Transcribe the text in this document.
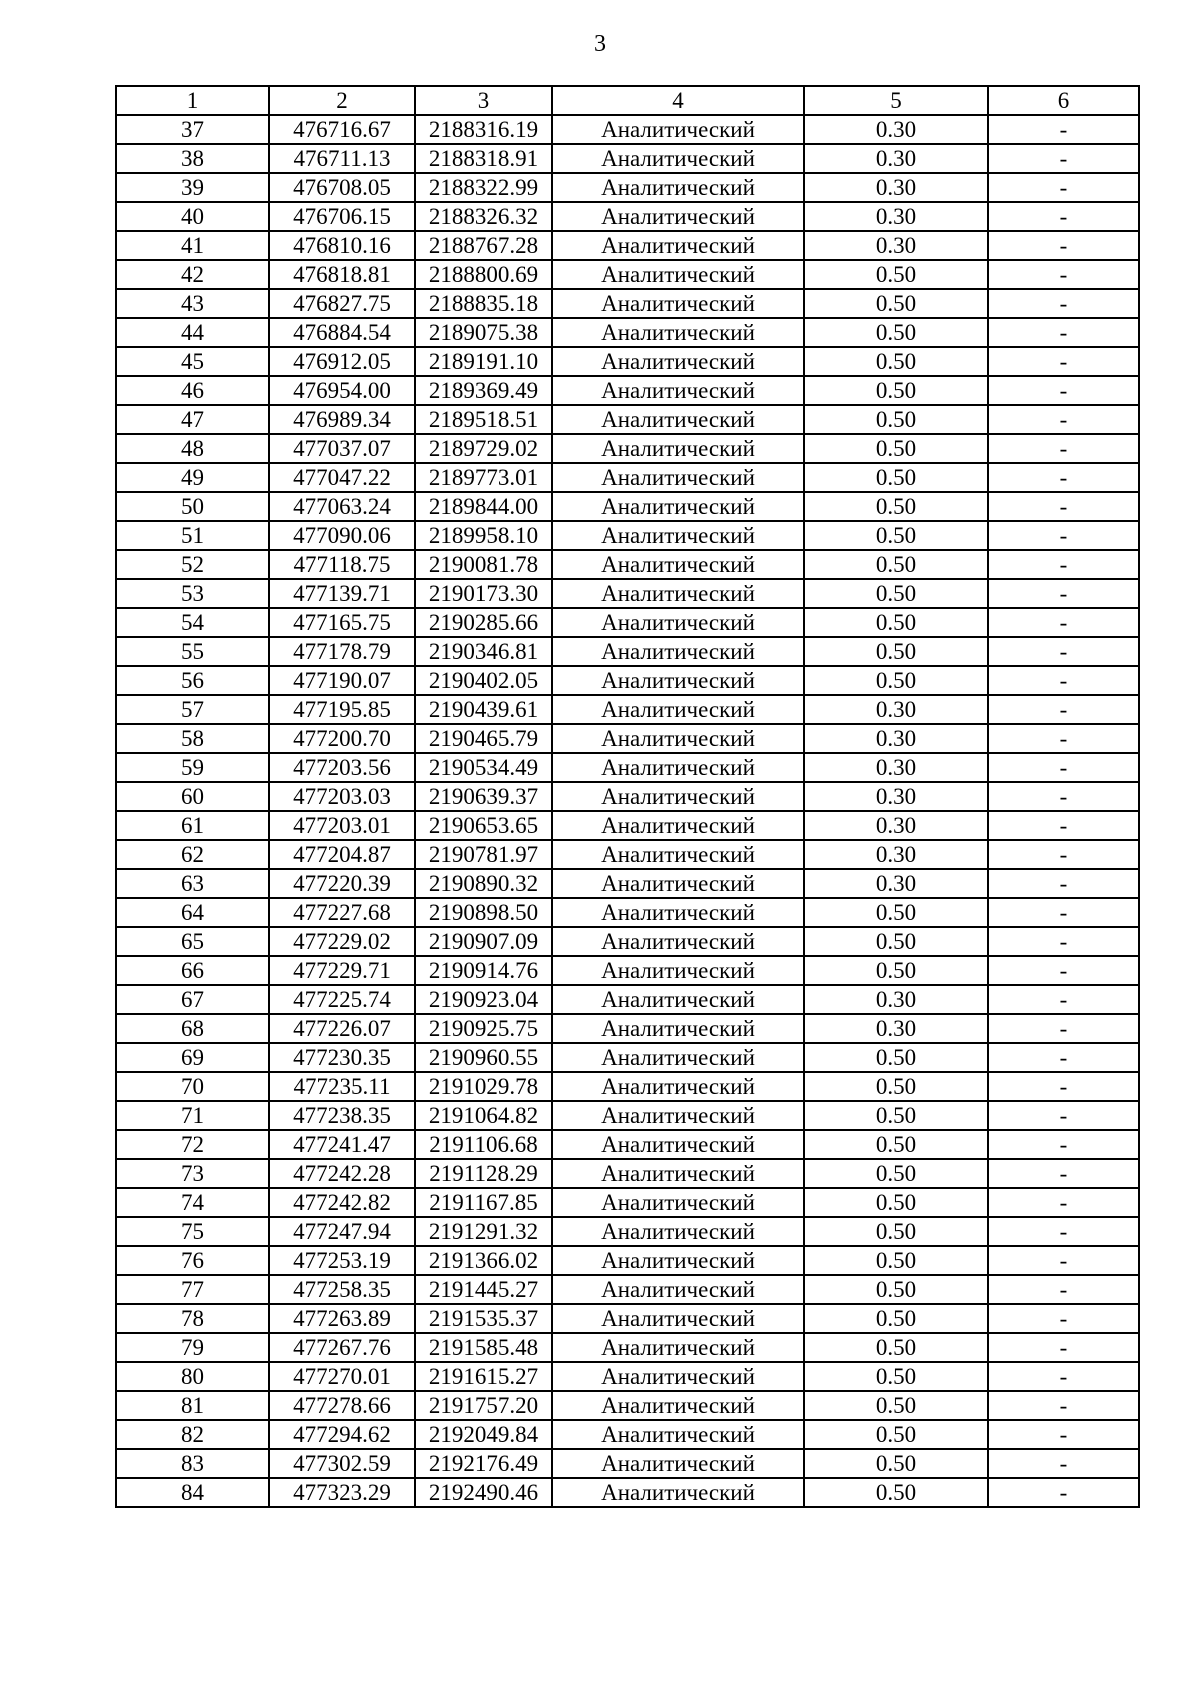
3
1	2	3	4	5	6
37	476716.67	2188316.19	Аналитический	0.30	-
38	476711.13	2188318.91	Аналитический	0.30	-
39	476708.05	2188322.99	Аналитический	0.30	-
40	476706.15	2188326.32	Аналитический	0.30	-
41	476810.16	2188767.28	Аналитический	0.30	-
42	476818.81	2188800.69	Аналитический	0.50	-
43	476827.75	2188835.18	Аналитический	0.50	-
44	476884.54	2189075.38	Аналитический	0.50	-
45	476912.05	2189191.10	Аналитический	0.50	-
46	476954.00	2189369.49	Аналитический	0.50	-
47	476989.34	2189518.51	Аналитический	0.50	-
48	477037.07	2189729.02	Аналитический	0.50	-
49	477047.22	2189773.01	Аналитический	0.50	-
50	477063.24	2189844.00	Аналитический	0.50	-
51	477090.06	2189958.10	Аналитический	0.50	-
52	477118.75	2190081.78	Аналитический	0.50	-
53	477139.71	2190173.30	Аналитический	0.50	-
54	477165.75	2190285.66	Аналитический	0.50	-
55	477178.79	2190346.81	Аналитический	0.50	-
56	477190.07	2190402.05	Аналитический	0.50	-
57	477195.85	2190439.61	Аналитический	0.30	-
58	477200.70	2190465.79	Аналитический	0.30	-
59	477203.56	2190534.49	Аналитический	0.30	-
60	477203.03	2190639.37	Аналитический	0.30	-
61	477203.01	2190653.65	Аналитический	0.30	-
62	477204.87	2190781.97	Аналитический	0.30	-
63	477220.39	2190890.32	Аналитический	0.30	-
64	477227.68	2190898.50	Аналитический	0.50	-
65	477229.02	2190907.09	Аналитический	0.50	-
66	477229.71	2190914.76	Аналитический	0.50	-
67	477225.74	2190923.04	Аналитический	0.30	-
68	477226.07	2190925.75	Аналитический	0.30	-
69	477230.35	2190960.55	Аналитический	0.50	-
70	477235.11	2191029.78	Аналитический	0.50	-
71	477238.35	2191064.82	Аналитический	0.50	-
72	477241.47	2191106.68	Аналитический	0.50	-
73	477242.28	2191128.29	Аналитический	0.50	-
74	477242.82	2191167.85	Аналитический	0.50	-
75	477247.94	2191291.32	Аналитический	0.50	-
76	477253.19	2191366.02	Аналитический	0.50	-
77	477258.35	2191445.27	Аналитический	0.50	-
78	477263.89	2191535.37	Аналитический	0.50	-
79	477267.76	2191585.48	Аналитический	0.50	-
80	477270.01	2191615.27	Аналитический	0.50	-
81	477278.66	2191757.20	Аналитический	0.50	-
82	477294.62	2192049.84	Аналитический	0.50	-
83	477302.59	2192176.49	Аналитический	0.50	-
84	477323.29	2192490.46	Аналитический	0.50	-
